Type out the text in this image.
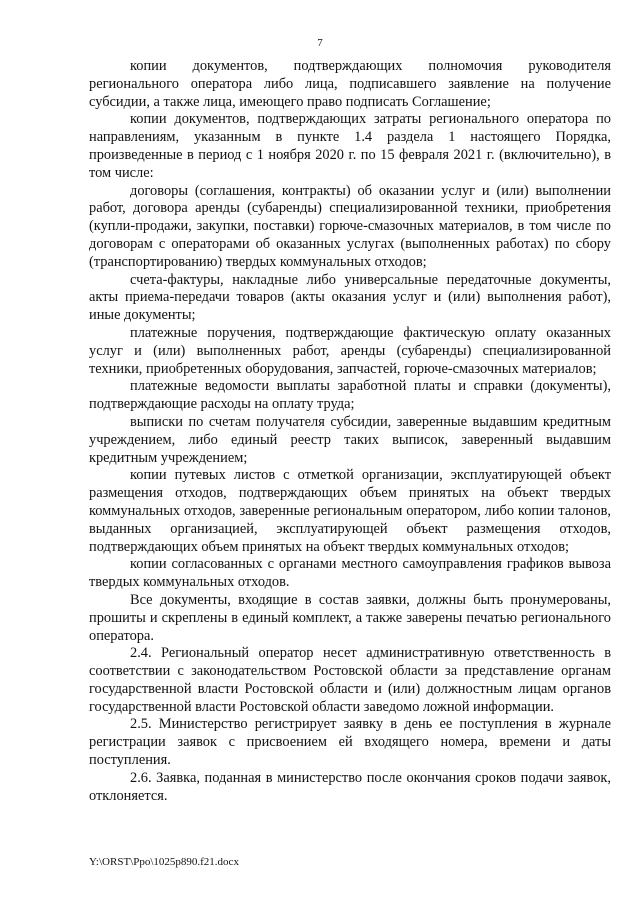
7

копии документов, подтверждающих полномочия руководителя регионального оператора либо лица, подписавшего заявление на получение субсидии, а также лица, имеющего право подписать Соглашение;

копии документов, подтверждающих затраты регионального оператора по направлениям, указанным в пункте 1.4 раздела 1 настоящего Порядка, произведенные в период с 1 ноября 2020 г. по 15 февраля 2021 г. (включительно), в том числе:

договоры (соглашения, контракты) об оказании услуг и (или) выполнении работ, договора аренды (субаренды) специализированной техники, приобретения (купли-продажи, закупки, поставки) горюче-смазочных материалов, в том числе по договорам с операторами об оказанных услугах (выполненных работах) по сбору (транспортированию) твердых коммунальных отходов;

счета-фактуры, накладные либо универсальные передаточные документы, акты приема-передачи товаров (акты оказания услуг и (или) выполнения работ), иные документы;

платежные поручения, подтверждающие фактическую оплату оказанных услуг и (или) выполненных работ, аренды (субаренды) специализированной техники, приобретенных оборудования, запчастей, горюче-смазочных материалов;

платежные ведомости выплаты заработной платы и справки (документы), подтверждающие расходы на оплату труда;

выписки по счетам получателя субсидии, заверенные выдавшим кредитным учреждением, либо единый реестр таких выписок, заверенный выдавшим кредитным учреждением;

копии путевых листов с отметкой организации, эксплуатирующей объект размещения отходов, подтверждающих объем принятых на объект твердых коммунальных отходов, заверенные региональным оператором, либо копии талонов, выданных организацией, эксплуатирующей объект размещения отходов, подтверждающих объем принятых на объект твердых коммунальных отходов;

копии согласованных с органами местного самоуправления графиков вывоза твердых коммунальных отходов.

Все документы, входящие в состав заявки, должны быть пронумерованы, прошиты и скреплены в единый комплект, а также заверены печатью регионального оператора.

2.4. Региональный оператор несет административную ответственность в соответствии с законодательством Ростовской области за представление органам государственной власти Ростовской области и (или) должностным лицам органов государственной власти Ростовской области заведомо ложной информации.

2.5. Министерство регистрирует заявку в день ее поступления в журнале регистрации заявок с присвоением ей входящего номера, времени и даты поступления.

2.6. Заявка, поданная в министерство после окончания сроков подачи заявок, отклоняется.

Y:\ORST\Ppo\1025p890.f21.docx
